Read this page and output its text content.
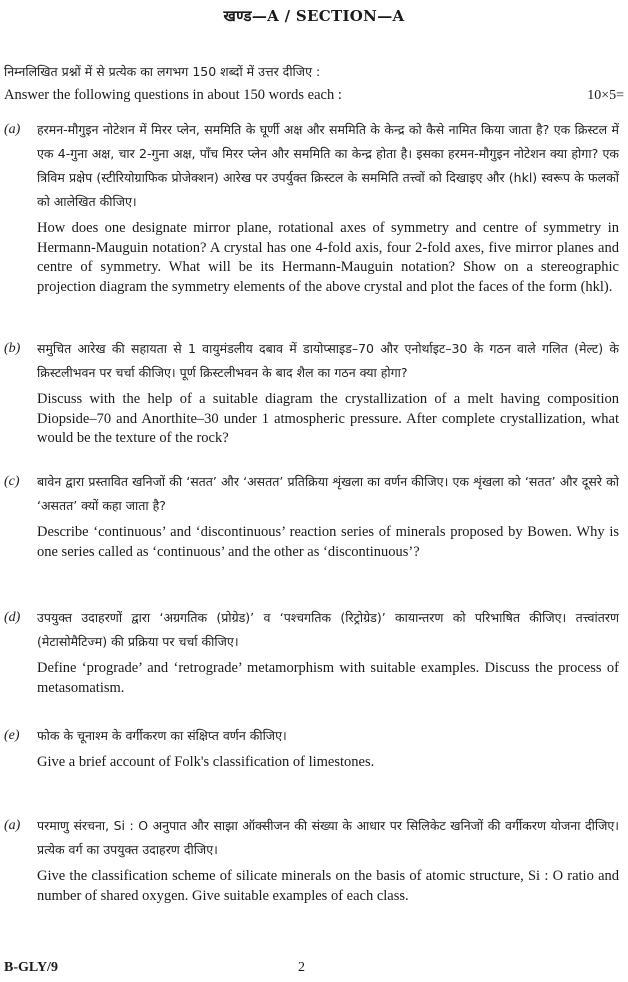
खण्ड—A / SECTION—A
निम्नलिखित प्रश्नों में से प्रत्येक का लगभग 150 शब्दों में उत्तर दीजिए :
Answer the following questions in about 150 words each :	10×5=
(a) हरमन-मौगुइन नोटेशन में मिरर प्लेन, सममिति के घूर्णी अक्ष और सममिति के केन्द्र को कैसे नामित किया जाता है? एक क्रिस्टल में एक 4-गुना अक्ष, चार 2-गुना अक्ष, पाँच मिरर प्लेन और सममिति का केन्द्र होता है। इसका हरमन-मौगुइन नोटेशन क्या होगा? एक त्रिविम प्रक्षेप (स्टीरियोग्राफिक प्रोजेक्शन) आरेख पर उपर्युक्त क्रिस्टल के सममिति तत्त्वों को दिखाइए और (hkl) स्वरूप के फलकों को आलेखित कीजिए।
How does one designate mirror plane, rotational axes of symmetry and centre of symmetry in Hermann-Mauguin notation? A crystal has one 4-fold axis, four 2-fold axes, five mirror planes and centre of symmetry. What will be its Hermann-Mauguin notation? Show on a stereographic projection diagram the symmetry elements of the above crystal and plot the faces of the form (hkl).
(b) समुचित आरेख की सहायता से 1 वायुमंडलीय दबाव में डायोप्साइड–70 और एनोर्थाइट–30 के गठन वाले गलित (मेल्ट) के क्रिस्टलीभवन पर चर्चा कीजिए। पूर्ण क्रिस्टलीभवन के बाद शैल का गठन क्या होगा?
Discuss with the help of a suitable diagram the crystallization of a melt having composition Diopside–70 and Anorthite–30 under 1 atmospheric pressure. After complete crystallization, what would be the texture of the rock?
(c) बावेन द्वारा प्रस्तावित खनिजों की ‘सतत’ और ‘असतत’ प्रतिक्रिया शृंखला का वर्णन कीजिए। एक शृंखला को ‘सतत’ और दूसरे को ‘असतत’ क्यों कहा जाता है?
Describe ‘continuous’ and ‘discontinuous’ reaction series of minerals proposed by Bowen. Why is one series called as ‘continuous’ and the other as ‘discontinuous’?
(d) उपयुक्त उदाहरणों द्वारा ‘अग्रगतिक (प्रोग्रेड)’ व ‘पश्चगतिक (रिट्रोग्रेड)’ कायान्तरण को परिभाषित कीजिए। तत्त्वांतरण (मेटासोमैटिज्म) की प्रक्रिया पर चर्चा कीजिए।
Define ‘prograde’ and ‘retrograde’ metamorphism with suitable examples. Discuss the process of metasomatism.
(e) फोक के चूनाश्म के वर्गीकरण का संक्षिप्त वर्णन कीजिए।
Give a brief account of Folk's classification of limestones.
(a) परमाणु संरचना, Si : O अनुपात और साझा ऑक्सीजन की संख्या के आधार पर सिलिकेट खनिजों की वर्गीकरण योजना दीजिए। प्रत्येक वर्ग का उपयुक्त उदाहरण दीजिए।
Give the classification scheme of silicate minerals on the basis of atomic structure, Si : O ratio and number of shared oxygen. Give suitable examples of each class.
B-GLY/9	2
